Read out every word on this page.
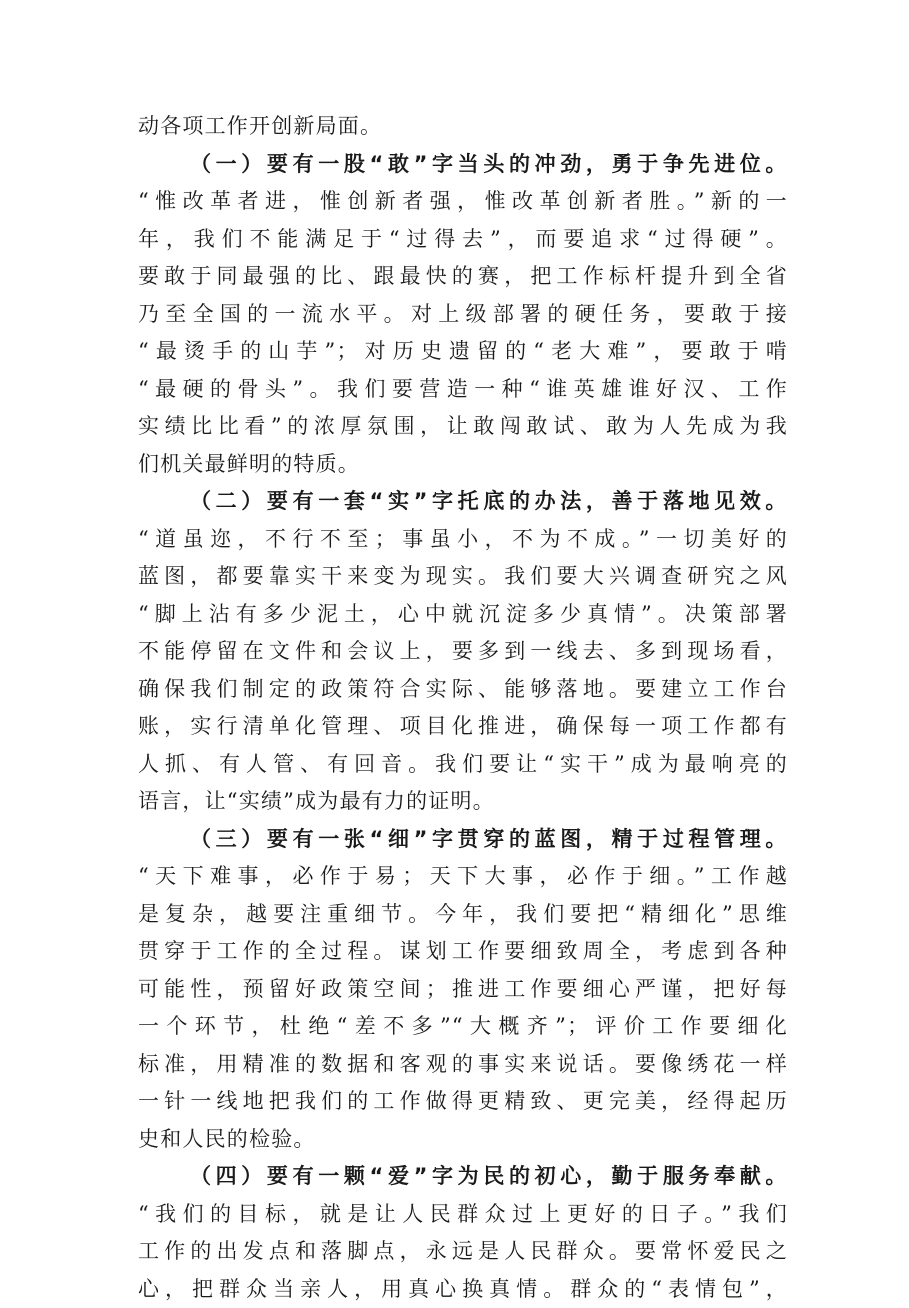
动各项工作开创新局面。
（一）要有一股“敢”字当头的冲劲，勇于争先进位。
“惟改革者进，惟创新者强，惟改革创新者胜。”新的一
年，我们不能满足于“过得去”，而要追求“过得硬”。
要敢于同最强的比、跟最快的赛，把工作标杆提升到全省
乃至全国的一流水平。对上级部署的硬任务，要敢于接
“最烫手的山芋”；对历史遗留的“老大难”，要敢于啃
“最硬的骨头”。我们要营造一种“谁英雄谁好汉、工作
实绩比比看”的浓厚氛围，让敢闯敢试、敢为人先成为我
们机关最鲜明的特质。
（二）要有一套“实”字托底的办法，善于落地见效。
“道虽迩，不行不至；事虽小，不为不成。”一切美好的
蓝图，都要靠实干来变为现实。我们要大兴调查研究之风
“脚上沾有多少泥土，心中就沉淀多少真情”。决策部署
不能停留在文件和会议上，要多到一线去、多到现场看，
确保我们制定的政策符合实际、能够落地。要建立工作台
账，实行清单化管理、项目化推进，确保每一项工作都有
人抓、有人管、有回音。我们要让“实干”成为最响亮的
语言，让“实绩”成为最有力的证明。
（三）要有一张“细”字贯穿的蓝图，精于过程管理。
“天下难事，必作于易；天下大事，必作于细。”工作越
是复杂，越要注重细节。今年，我们要把“精细化”思维
贯穿于工作的全过程。谋划工作要细致周全，考虑到各种
可能性，预留好政策空间；推进工作要细心严谨，把好每
一个环节，杜绝“差不多”“大概齐”；评价工作要细化
标准，用精准的数据和客观的事实来说话。要像绣花一样
一针一线地把我们的工作做得更精致、更完美，经得起历
史和人民的检验。
（四）要有一颗“爱”字为民的初心，勤于服务奉献。
“我们的目标，就是让人民群众过上更好的日子。”我们
工作的出发点和落脚点，永远是人民群众。要常怀爱民之
心，把群众当亲人，用真心换真情。群众的“表情包”，
